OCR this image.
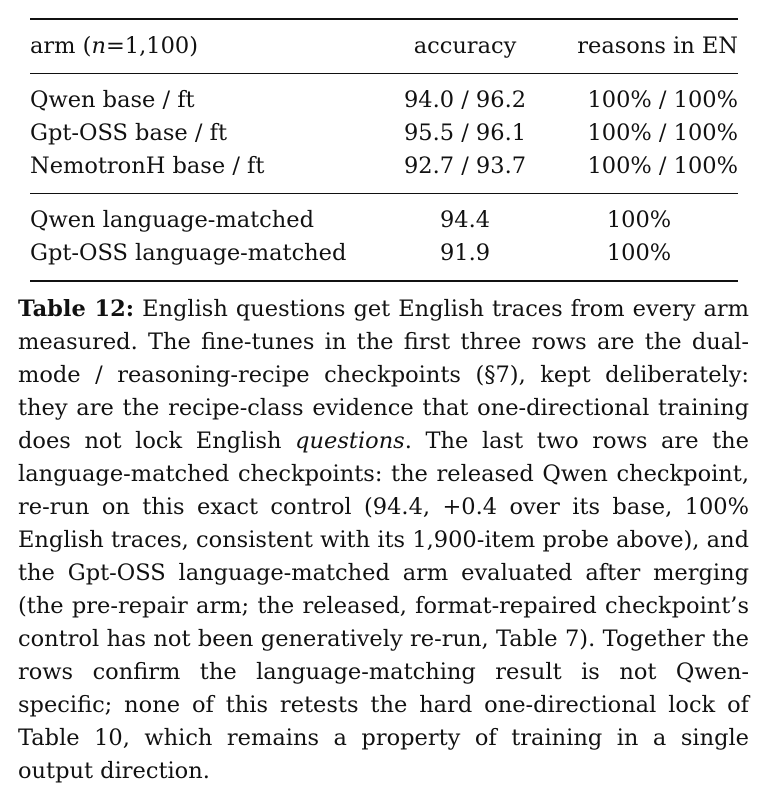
arm (n=1,100)	accuracy	reasons in EN
Qwen base / ft	94.0 / 96.2	100% / 100%
Gpt-OSS base / ft	95.5 / 96.1	100% / 100%
NemotronH base / ft	92.7 / 93.7	100% / 100%
Qwen language-matched	94.4	100%
Gpt-OSS language-matched	91.9	100%

Table 12: English questions get English traces from every arm measured. The fine-tunes in the first three rows are the dual-mode / reasoning-recipe checkpoints (§7), kept deliberately: they are the recipe-class evidence that one-directional training does not lock English questions. The last two rows are the language-matched checkpoints: the released Qwen checkpoint, re-run on this exact control (94.4, +0.4 over its base, 100% English traces, consistent with its 1,900-item probe above), and the Gpt-OSS language-matched arm evaluated after merging (the pre-repair arm; the released, format-repaired checkpoint’s control has not been generatively re-run, Table 7). Together the rows confirm the language-matching result is not Qwen-specific; none of this retests the hard one-directional lock of Table 10, which remains a property of training in a single output direction.
